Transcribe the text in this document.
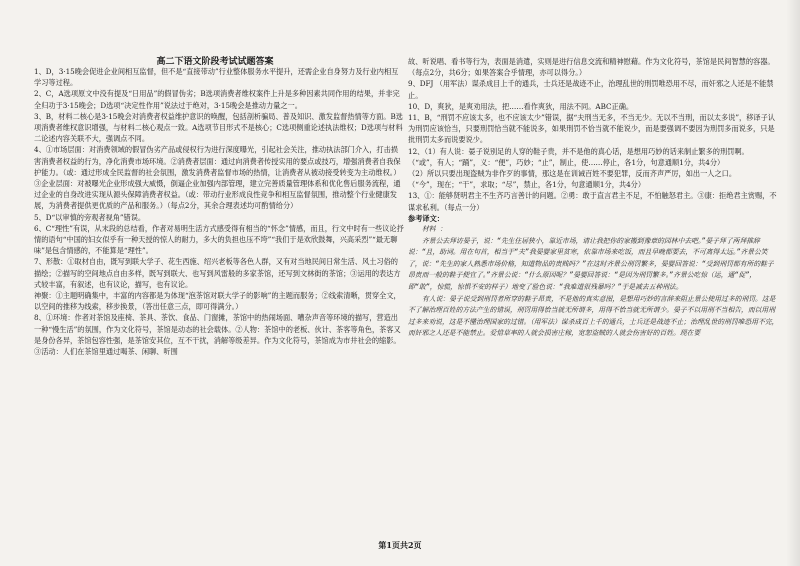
高二下语文阶段考试试题答案

1、D，3·15晚会促进企业间相互监督，但不是“直接带动”行业整体服务水平提升，还需企业自身努力及行业内相互学习等过程。

2、C，A选项原文中没有提及“日用品”的假冒伪劣；B选项消费者维权案件上升是多种因素共同作用的结果，并非完全归功于3·15晚会；D选项“决定性作用”说法过于绝对，3·15晚会是推动力量之一。

3、B，材料二核心是3·15晚会对消费者权益维护意识的唤醒，包括剖析骗局、普及知识、激发监督热情等方面。B选项消费者维权意识增强，与材料二核心观点一致。A选项节目形式不是核心；C选项侧重论述执法维权；D选项与材料二论述内容关联不大，强调点不同。

4、①市场层面：对消费领域的假冒伪劣产品或侵权行为进行深度曝光，引起社会关注，推动执法部门介入，打击损害消费者权益的行为，净化消费市场环境。②消费者层面：通过向消费者传授实用的要点或技巧，增强消费者自我保护能力。（或：通过形成全民监督的社会氛围，激发消费者监督市场的热情，让消费者从被动接受转变为主动维权。）③企业层面：对被曝光企业形成强大威慑，倒逼企业加强内部管理，建立完善质量管理体系和优化售后服务流程，通过企业的自身改进实现从源头保障消费者权益。（或：带动行业形成良性竞争和相互监督氛围，推动整个行业健康发展，为消费者提供更优质的产品和服务。）（每点2分，其余合理表述均可酌情给分）

5、D“以审慎的旁观者视角”错误。

6、C“理性”有误，从末段的总结看，作者对易明生活方式感受得有相当的“怀念”情感，而且，行文中时有一些议论抒情的语句“中国的妇女似乎有一种天授的惊人的耐力，多大的负担也压不垮”“我们于是欢欣鼓舞，兴高采烈”“最无聊味”是包含情感的，不能算是“理性”。

7、形散：①取材自由，既写到联大学子、花生西施、绍兴老板等各色人群，又有对当地民间日常生活、风土习俗的描绘；②描写的空间地点自由多样，既写到联大、也写到风雷般的多家茶馆，还写到文林街的茶馆；③运用的表达方式较丰富，有叙述，也有议论，描写，也有议论。

神聚：①主题明确集中，丰富的内容都是为体现“泡茶馆对联大学子的影响”的主题而服务；②线索清晰，贯穿全文，以空间的推移为线索，移步换景，（答出任意三点，即可得满分。）

8、①环境：作者对茶馆及座椅、茶具、茶饮、食品、门窗摊，茶馆中的热闹场面、嘈杂声音等环境的描写，营造出一种“慢生活”的氛围，作为文化符号，茶馆是动态的社会载体。②人物：茶馆中的老板、伙计、茶客等角色，茶客又是身份各异，茶馆包容性强，是茶馆安其位，互不干扰，消解等级差异。作为文化符号，茶馆成为市井社会的缩影。③活动：人们在茶馆里通过喝茶、闲聊、听围

故、听说唱、看书等行为，表面是消遣，实则是进行信息交流和精神慰藉。作为文化符号，茶馆是民间智慧的容器。（每点2分，共6分；如果答案合乎情理，亦可以得分。）

9、DFJ （用军法）谋杀成目上千的通兵，士兵还是战迹不止，治理乱世的刑罚唯恐用不尽，而奸邪之人还是不能禁止。

10、D，爽狄，是爽劝用法，把……看作爽狄，用法不同。ABC正确。

11、B，“刑罚不应该太多，也不应该太少”错误，据“夫刑当无多，不当无少。无以不当刑，而以太多说”，移译子认为刑罚应该恰当，只要刑罚恰当就不能说多，如果刑罚不恰当就不能说少，而是要强调不要因为刑罚多而说多，只是批刑罚太多而说要说少。

12、（1）有人说：晏子说别足的人穿的鞋子贵，并不是他的真心话，是想用巧妙的话来制止繁多的刑罚啊。

（“或”，有人；“踊”，义：“便”，巧妙；“止”，制止，使……停止，各1分，句意通顺1分，共4分）

（2）所以只要出现盗贼为非作歹的事情，那这是在训诫百姓不要犯罪，反而齐声严厉，如出一人之口。

（“今”，现在；“干”，求取；“尽”，禁止，各1分，句意通顺1分，共4分）

13、①：能够贤明君主不生齐巧言善计的问题。②勇：敢于直言君主不足，不怕触怒君主。③康：拒绝君主赏赐，不谋求私利。（每点一分）

参考译文：

材料 ：

齐景公去拜访晏子，说：“先生住居狭小，靠近市场，请让我把你的家搬到豫章的园林中去吧。”晏子拜了两拜推辞说：“且，助词。用在句首，相当于“夫”我晏婴家里贫寒，依靠市场来吃饭，而且早晚都要去，不可离得太远。”齐景公笑了，说：“先生的家人熟悉市场价格，知道物品的贵贱吗？”在这时齐景公刑罚繁多，晏婴回答说：“受到刑罚都有所的鞋子昂贵而一般的鞋子便宜了。”齐景公说：“什么原因呢？”晏婴回答说：“是因为刑罚繁多。”齐景公吃惊（运，通“促”，即“敢”，惊慌，惊惧不安的样子）地变了脸色说：“我难道很残暴吗？”于是减去五种刑法。

有人说：晏子说受到刑罚者所穿的鞋子昂贵，不是他的真实意图，是想用巧妙的言辞来阻止景公使用过多的刑罚。这是不了解治理百姓的方法产生的错误，刑罚用得恰当就无所谓多，用得不恰当就无所谓少。晏子不以用刑不当相告，而以用刑过多来劝说，这是不懂治理国家的过错。（用军法）谋杀成百上千的通兵，士兵还是战迹不止；治理乱世的刑罚唯恐用不完，而奸邪之人还是不能禁止。爱惜草率的人就会损害庄稼，宽恕盗贼的人就会伤害好的百姓。现在要

第1页共2页
